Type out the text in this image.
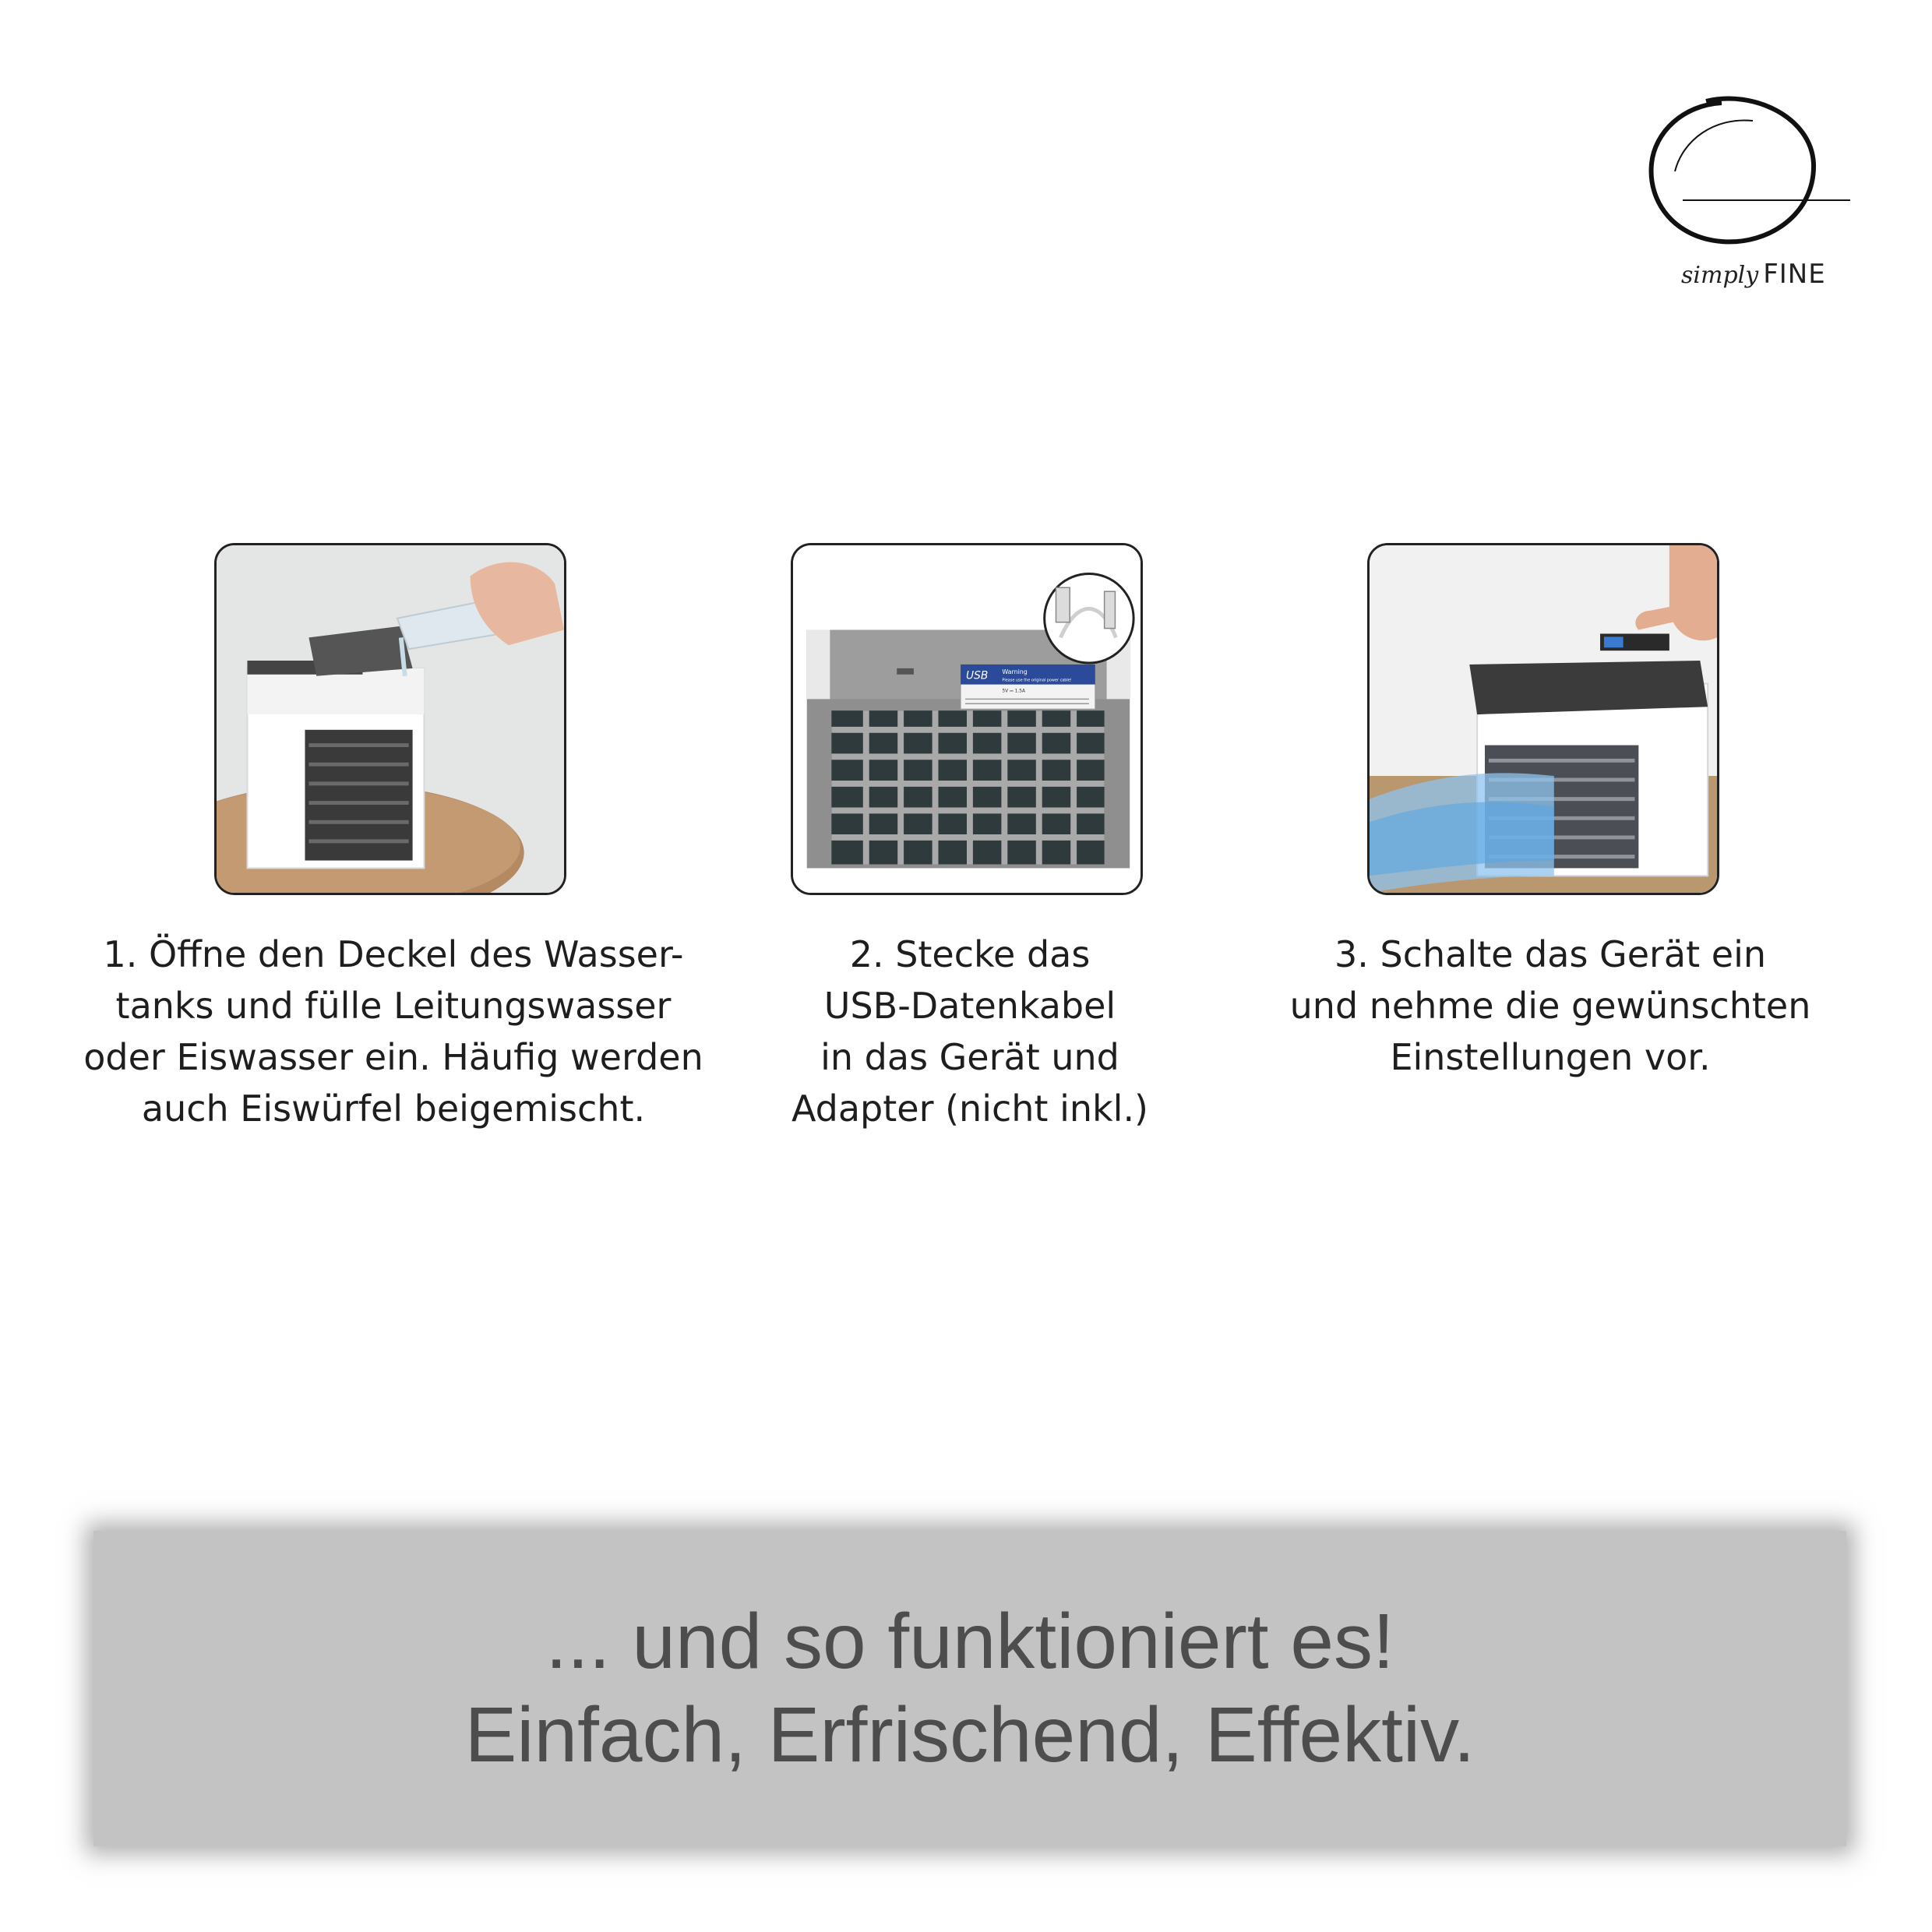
simply FINE
USB Warning
Please use the original power cable!
5V ⎓ 1.5A
1. Öffne den Deckel des Wasser-
tanks und fülle Leitungswasser
oder Eiswasser ein. Häufig werden
auch Eiswürfel beigemischt.
2. Stecke das
USB-Datenkabel
in das Gerät und
Adapter (nicht inkl.)
3. Schalte das Gerät ein
und nehme die gewünschten
Einstellungen vor.
... und so funktioniert es!
Einfach, Erfrischend, Effektiv.
